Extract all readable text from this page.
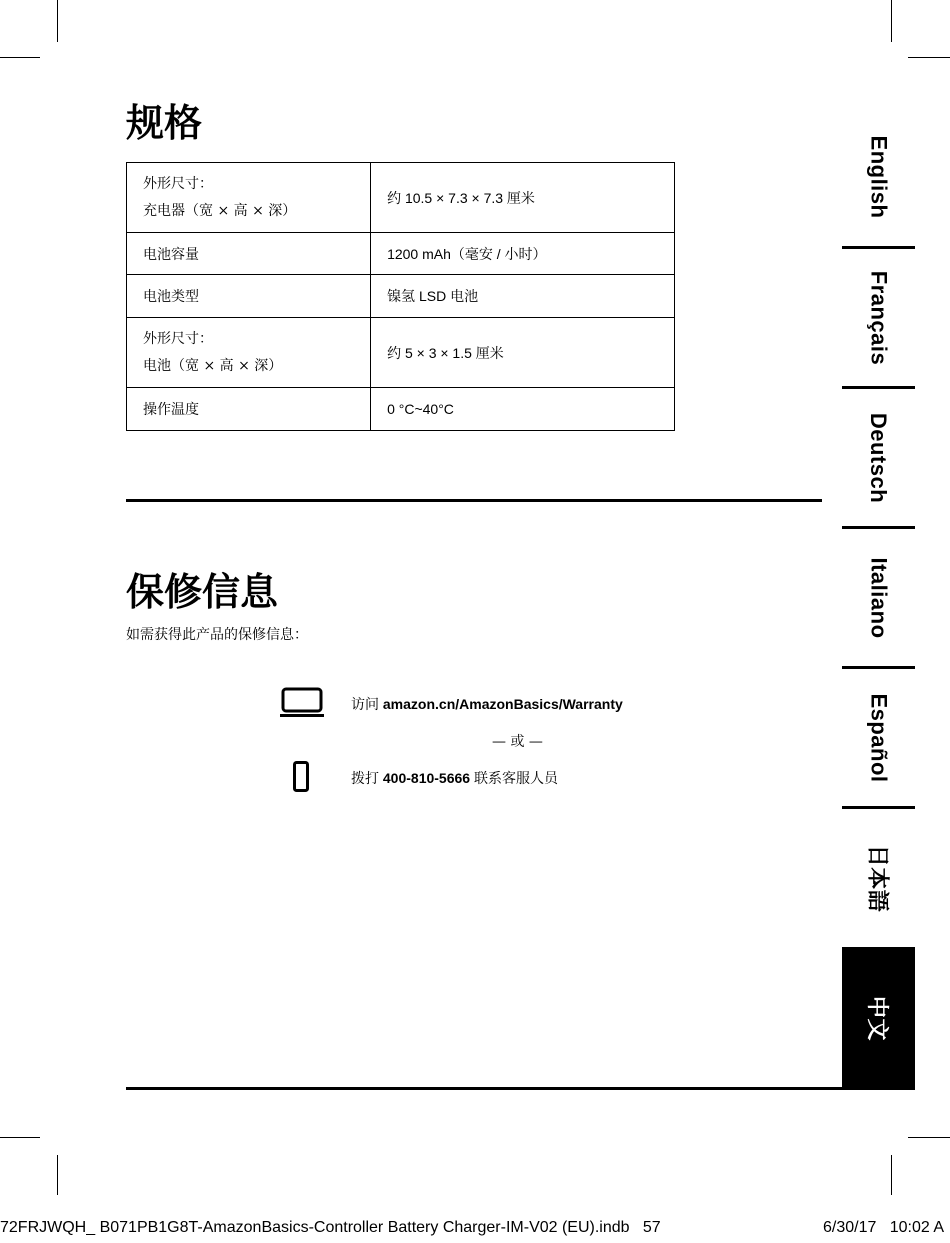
规格
外形尺寸：
充电器（宽 × 高 × 深）	约 10.5 × 7.3 × 7.3 厘米
电池容量	1200 mAh（毫安 / 小时）
电池类型	镍氢 LSD 电池

外形尺寸：
电池（宽 × 高 × 深）	约 5 × 3 × 1.5 厘米
操作温度	0 °C~40°C
保修信息
如需获得此产品的保修信息：
访问 amazon.cn/AmazonBasics/Warranty
— 或 —
拨打 400-810-5666 联系客服人员
English
Français
Deutsch
Italiano
Español
日本語
中文
72FRJWQH_ B071PB1G8T-AmazonBasics-Controller Battery Charger-IM-V02 (EU).indb   57	6/30/17   10:02 A
